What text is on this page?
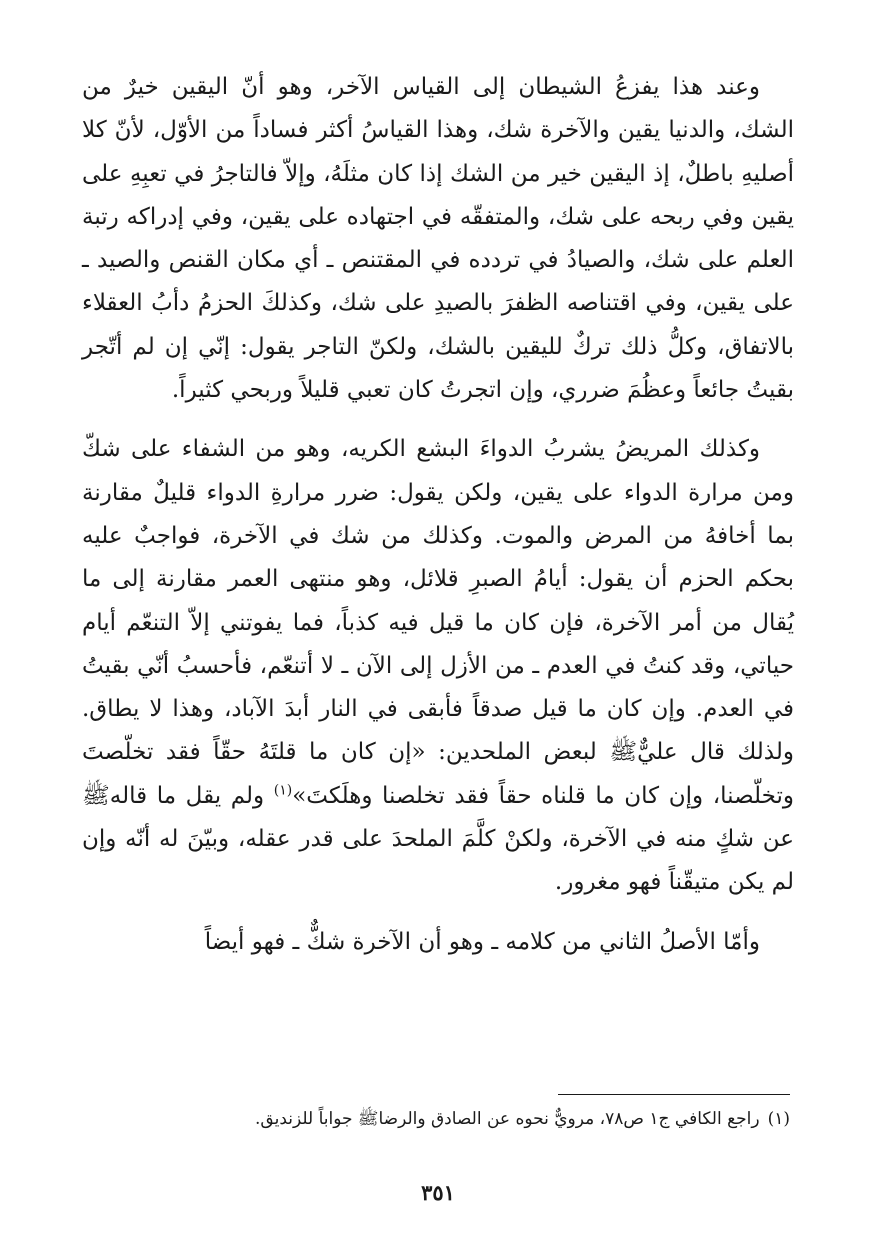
وعند هذا يفزعُ الشيطان إلى القياس الآخر، وهو أنّ اليقين خيرٌ من الشك، والدنيا يقين والآخرة شك، وهذا القياسُ أكثر فساداً من الأوّل، لأنّ كلا أصليهِ باطلٌ، إذ اليقين خير من الشك إذا كان مثلَهُ، وإلاّ فالتاجرُ في تعبِهِ على يقين وفي ربحه على شك، والمتفقّه في اجتهاده على يقين، وفي إدراكه رتبة العلم على شك، والصيادُ في تردده في المقتنص ـ أي مكان القنص والصيد ـ على يقين، وفي اقتناصه الظفرَ بالصيدِ على شك، وكذلكَ الحزمُ دأبُ العقلاء بالاتفاق، وكلُّ ذلك تركٌ لليقين بالشك، ولكنّ التاجر يقول: إنّي إن لم أتّجر بقيتُ جائعاً وعظُمَ ضرري، وإن اتجرتُ كان تعبي قليلاً وربحي كثيراً.

وكذلك المريضُ يشربُ الدواءَ البشع الكريه، وهو من الشفاء على شكّ ومن مرارة الدواء على يقين، ولكن يقول: ضرر مرارةِ الدواء قليلٌ مقارنة بما أخافهُ من المرض والموت. وكذلك من شك في الآخرة، فواجبٌ عليه بحكم الحزم أن يقول: أيامُ الصبرِ قلائل، وهو منتهى العمر مقارنة إلى ما يُقال من أمر الآخرة، فإن كان ما قيل فيه كذباً، فما يفوتني إلاّ التنعّم أيام حياتي، وقد كنتُ في العدم ـ من الأزل إلى الآن ـ لا أتنعّم، فأحسبُ أنّي بقيتُ في العدم. وإن كان ما قيل صدقاً فأبقى في النار أبدَ الآباد، وهذا لا يطاق. ولذلك قال عليٌّﷺ لبعض الملحدين: «إن كان ما قلتَهُ حقّاً فقد تخلّصتَ وتخلّصنا، وإن كان ما قلناه حقاً فقد تخلصنا وهلَكتَ»$^{(١)}$ ولم يقل ما قالهﷺ عن شكٍ منه في الآخرة، ولكنْ كلَّمَ الملحدَ على قدر عقله، وبيّنَ له أنّه وإن لم يكن متيقّناً فهو مغرور.

وأمّا الأصلُ الثاني من كلامه ـ وهو أن الآخرة شكٌّ ـ فهو أيضاً

(١)راجع الكافي ج١ ص٧٨، مرويٌّ نحوه عن الصادق والرضاﷺ جواباً للزنديق.
٣٥١
